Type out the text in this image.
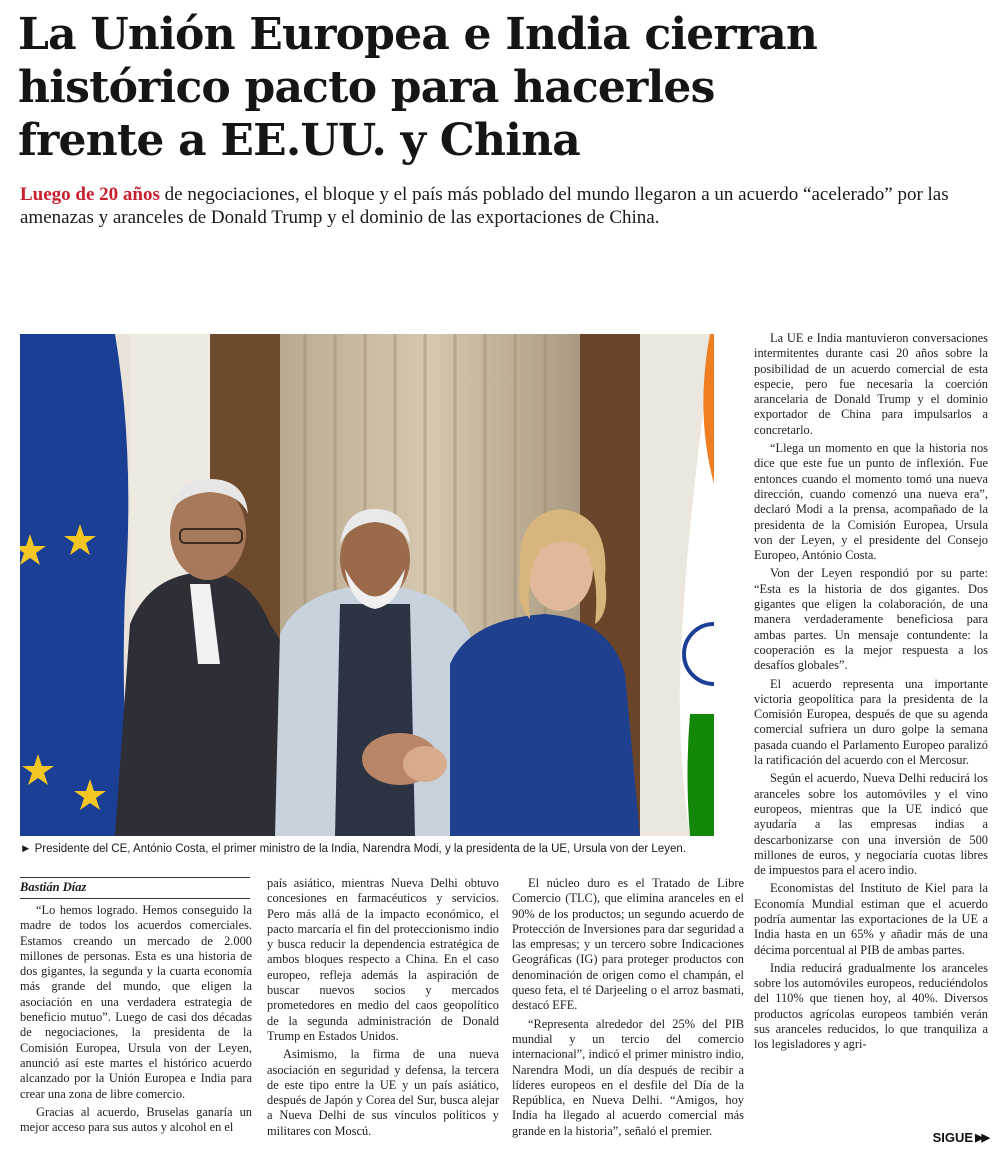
La Unión Europea e India cierran
histórico pacto para hacerles
frente a EE.UU. y China

Luego de 20 años de negociaciones, el bloque y el país más poblado del mundo llegaron a un acuerdo “acelerado” por las amenazas y aranceles de Donald Trump y el dominio de las exportaciones de China.

► Presidente del CE, António Costa, el primer ministro de la India, Narendra Modi, y la presidenta de la UE, Ursula von der Leyen.

Bastián Díaz

“Lo hemos logrado. Hemos conseguido la madre de todos los acuerdos comerciales. Estamos creando un mercado de 2.000 millones de personas. Esta es una historia de dos gigantes, la segunda y la cuarta economía más grande del mundo, que eligen la asociación en una verdadera estrategia de beneficio mutuo”. Luego de casi dos décadas de negociaciones, la presidenta de la Comisión Europea, Ursula von der Leyen, anunció así este martes el histórico acuerdo alcanzado por la Unión Europea e India para crear una zona de libre comercio.

Gracias al acuerdo, Bruselas ganaría un mejor acceso para sus autos y alcohol en el

país asiático, mientras Nueva Delhi obtuvo concesiones en farmacéuticos y servicios. Pero más allá de la impacto económico, el pacto marcaría el fin del proteccionismo indio y busca reducir la dependencia estratégica de ambos bloques respecto a China. En el caso europeo, refleja además la aspiración de buscar nuevos socios y mercados prometedores en medio del caos geopolítico de la segunda administración de Donald Trump en Estados Unidos.

Asimismo, la firma de una nueva asociación en seguridad y defensa, la tercera de este tipo entre la UE y un país asiático, después de Japón y Corea del Sur, busca alejar a Nueva Delhi de sus vínculos políticos y militares con Moscú.

El núcleo duro es el Tratado de Libre Comercio (TLC), que elimina aranceles en el 90% de los productos; un segundo acuerdo de Protección de Inversiones para dar seguridad a las empresas; y un tercero sobre Indicaciones Geográficas (IG) para proteger productos con denominación de origen como el champán, el queso feta, el té Darjeeling o el arroz basmati, destacó EFE.

“Representa alrededor del 25% del PIB mundial y un tercio del comercio internacional”, indicó el primer ministro indio, Narendra Modi, un día después de recibir a líderes europeos en el desfile del Día de la República, en Nueva Delhi. “Amigos, hoy India ha llegado al acuerdo comercial más grande en la historia”, señaló el premier.

La UE e India mantuvieron conversaciones intermitentes durante casi 20 años sobre la posibilidad de un acuerdo comercial de esta especie, pero fue necesaria la coerción arancelaria de Donald Trump y el dominio exportador de China para impulsarlos a concretarlo.

“Llega un momento en que la historia nos dice que este fue un punto de inflexión. Fue entonces cuando el momento tomó una nueva dirección, cuando comenzó una nueva era”, declaró Modi a la prensa, acompañado de la presidenta de la Comisión Europea, Ursula von der Leyen, y el presidente del Consejo Europeo, António Costa.

Von der Leyen respondió por su parte: “Esta es la historia de dos gigantes. Dos gigantes que eligen la colaboración, de una manera verdaderamente beneficiosa para ambas partes. Un mensaje contundente: la cooperación es la mejor respuesta a los desafíos globales”.

El acuerdo representa una importante victoria geopolítica para la presidenta de la Comisión Europea, después de que su agenda comercial sufriera un duro golpe la semana pasada cuando el Parlamento Europeo paralizó la ratificación del acuerdo con el Mercosur.

Según el acuerdo, Nueva Delhi reducirá los aranceles sobre los automóviles y el vino europeos, mientras que la UE indicó que ayudaría a las empresas indias a descarbonizarse con una inversión de 500 millones de euros, y negociaría cuotas libres de impuestos para el acero indio.

Economistas del Instituto de Kiel para la Economía Mundial estiman que el acuerdo podría aumentar las exportaciones de la UE a India hasta en un 65% y añadir más de una décima porcentual al PIB de ambas partes.

India reducirá gradualmente los aranceles sobre los automóviles europeos, reduciéndolos del 110% que tienen hoy, al 40%. Diversos productos agrícolas europeos también verán sus aranceles reducidos, lo que tranquiliza a los legisladores y agri-

SIGUE ▶▶
